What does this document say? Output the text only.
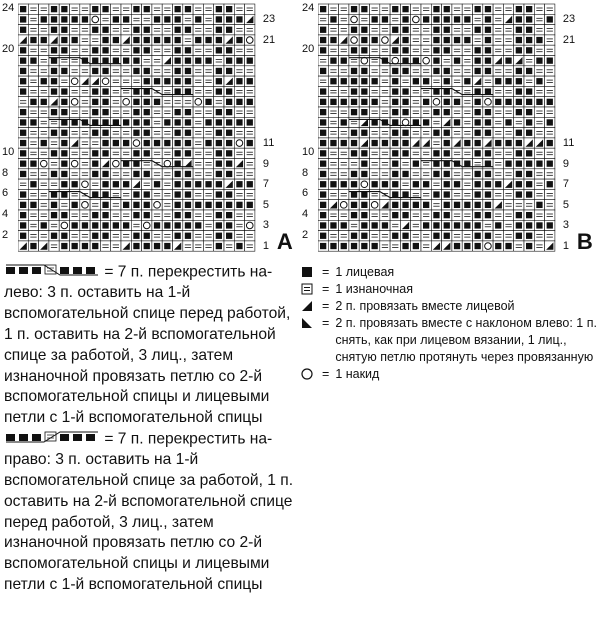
24
20
10
8
6
4
2
23
21
11
9
7
5
3
1 A
24
20
10
8
6
4
2
23
21
11
9
7
5
3
1 B

= 7 п. перекрестить на- лево: 3 п. оставить на 1-й вспомогательной спице перед работой, 1 п. оставить на 2-й вспомогательной спице за работой, 3 лиц., затем изнаночной провязать петлю со 2-й вспомогательной спицы и лицевыми петли с 1-й вспомогательной спицы

= 7 п. перекрестить на- право: 3 п. оставить на 1-й вспомогательной спице за работой, 1 п. оставить на 2-й вспомогательной спице перед работой, 3 лиц., затем изнаночной провязать петлю со 2-й вспомогательной спицы и лицевыми петли с 1-й вспомогательной спицы

= 1 лицевая
= 1 изнаночная
= 2 п. провязать вместе лицевой
= 2 п. провязать вместе с наклоном влево: 1 п. снять, как при лицевом вязании, 1 лиц., снятую петлю протянуть через провязанную
= 1 накид
